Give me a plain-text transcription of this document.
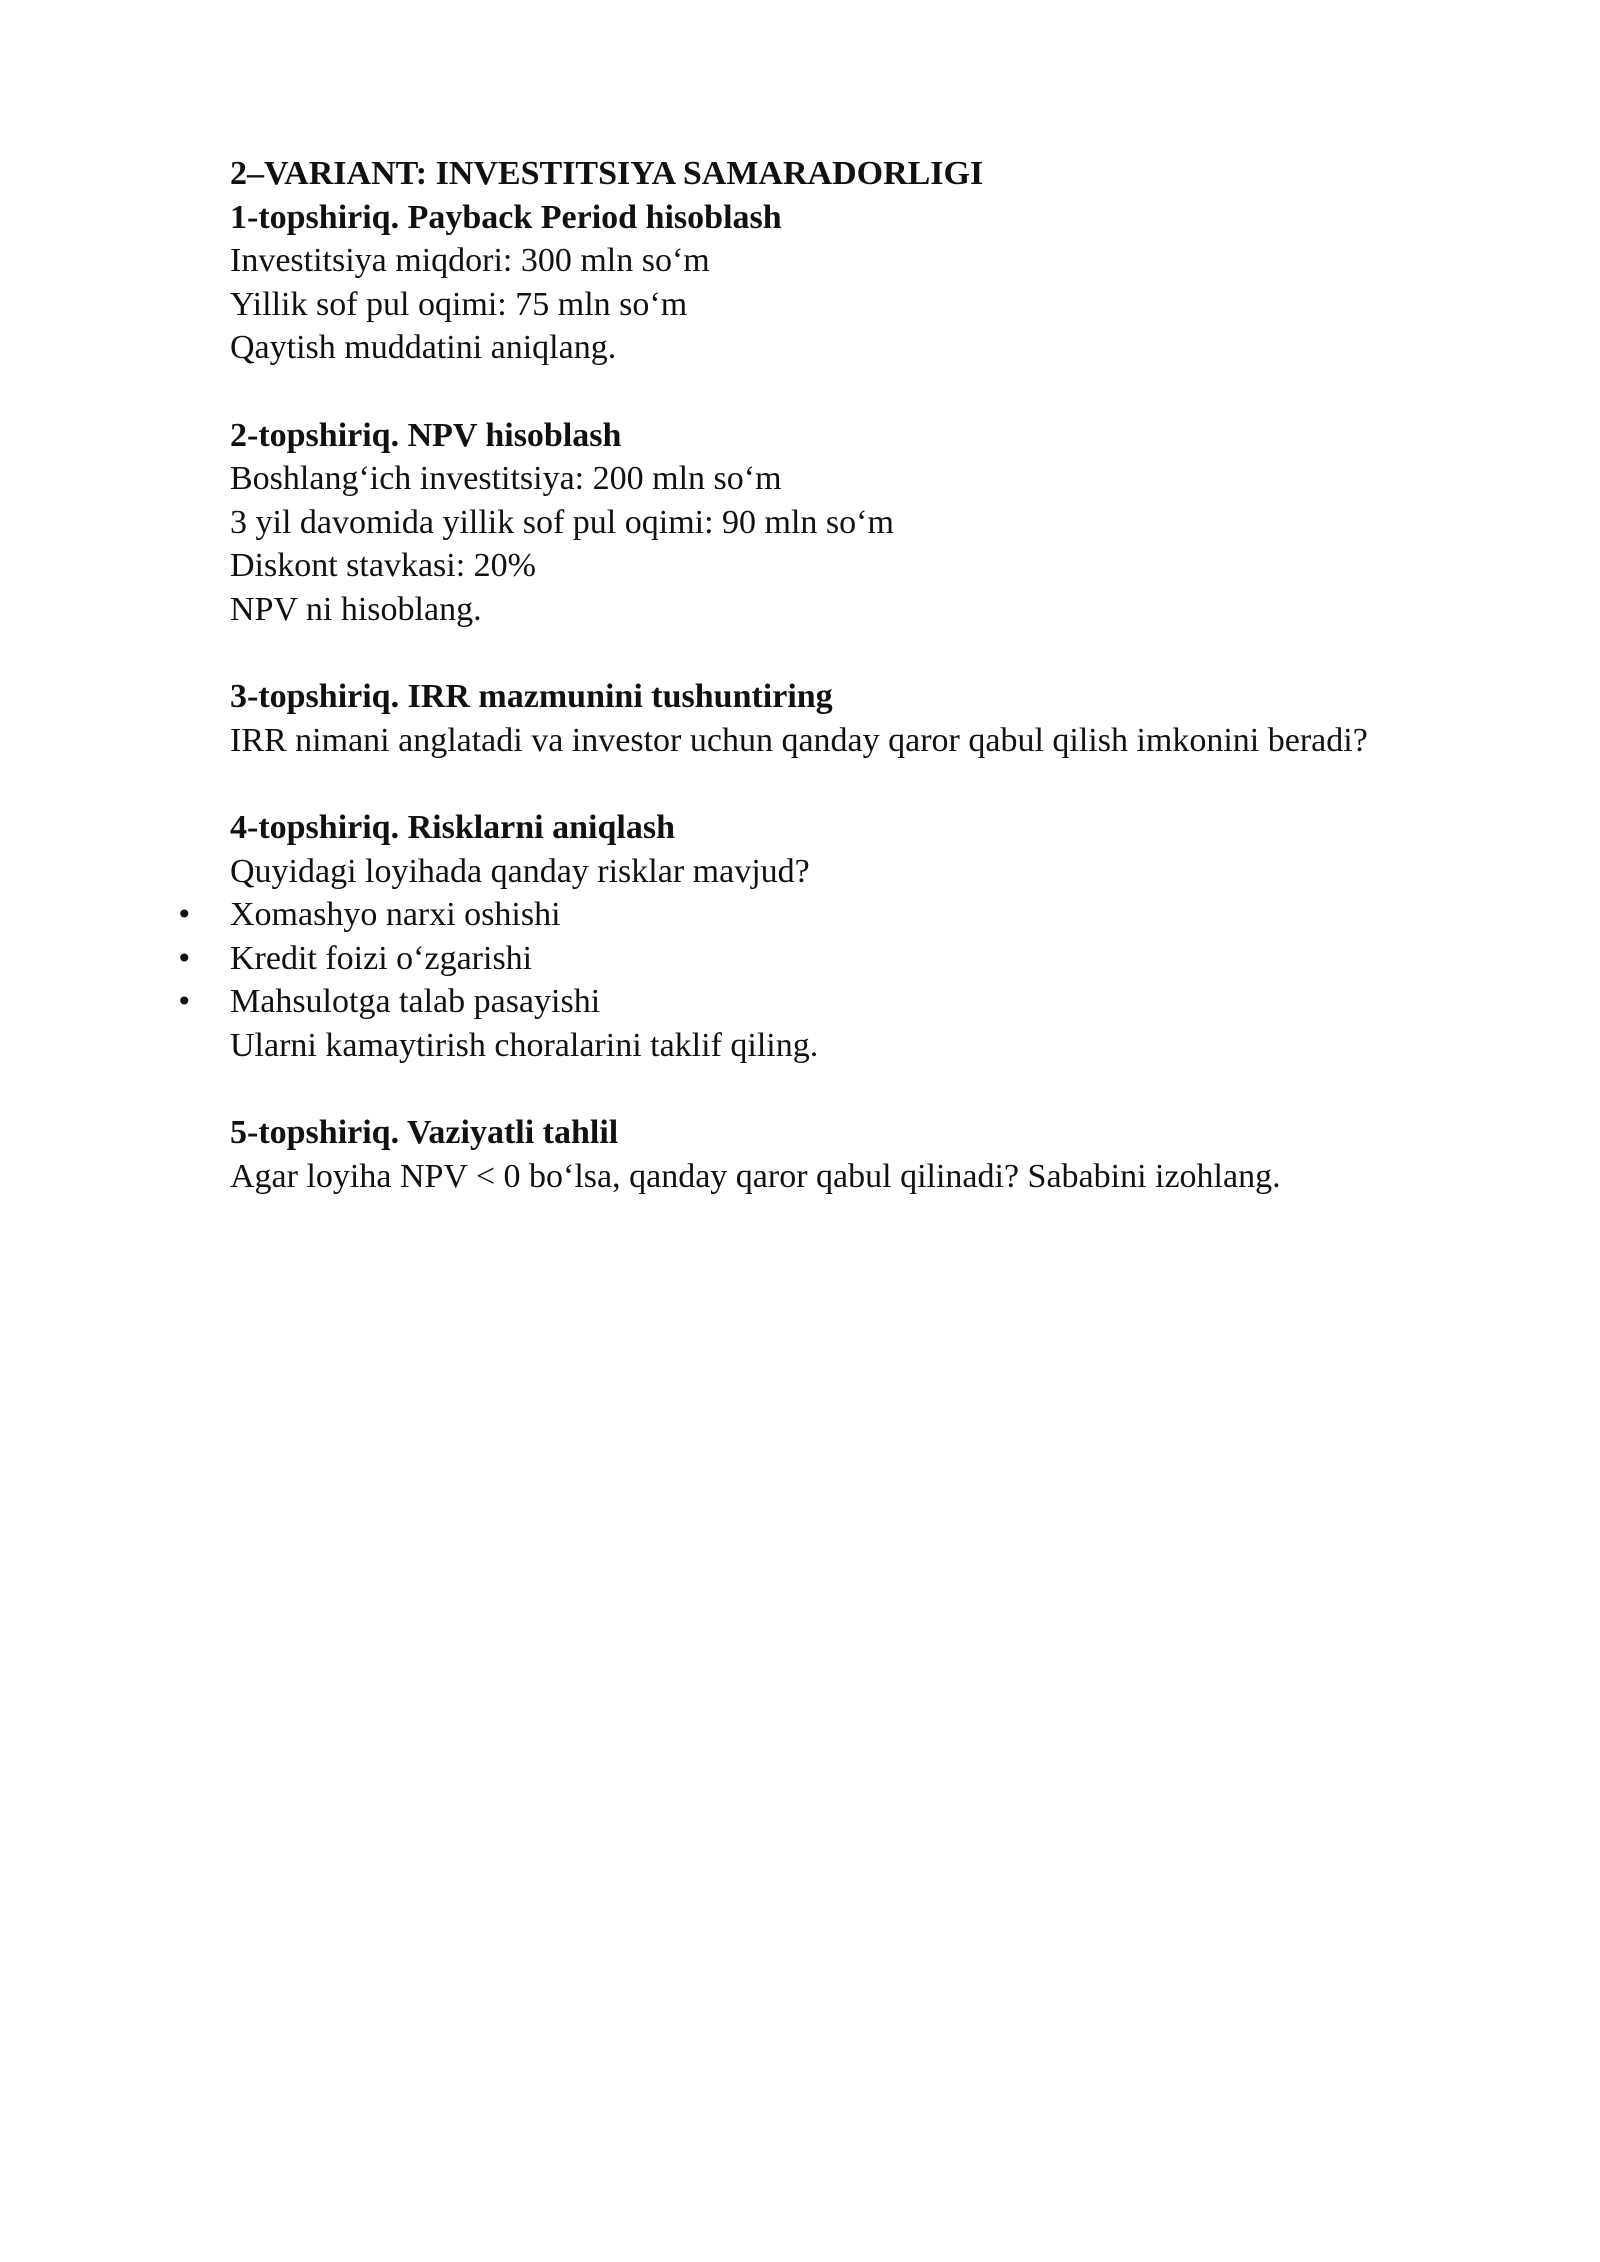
2–VARIANT: INVESTITSIYA SAMARADORLIGI

1-topshiriq. Payback Period hisoblash

Investitsiya miqdori: 300 mln so‘m

Yillik sof pul oqimi: 75 mln so‘m

Qaytish muddatini aniqlang.

2-topshiriq. NPV hisoblash

Boshlang‘ich investitsiya: 200 mln so‘m

3 yil davomida yillik sof pul oqimi: 90 mln so‘m

Diskont stavkasi: 20%

NPV ni hisoblang.

3-topshiriq. IRR mazmunini tushuntiring

IRR nimani anglatadi va investor uchun qanday qaror qabul qilish imkonini beradi?

4-topshiriq. Risklarni aniqlash

Quyidagi loyihada qanday risklar mavjud?

• Xomashyo narxi oshishi
• Kredit foizi o‘zgarishi
• Mahsulotga talab pasayishi

Ularni kamaytirish choralarini taklif qiling.

5-topshiriq. Vaziyatli tahlil

Agar loyiha NPV < 0 bo‘lsa, qanday qaror qabul qilinadi? Sababini izohlang.
